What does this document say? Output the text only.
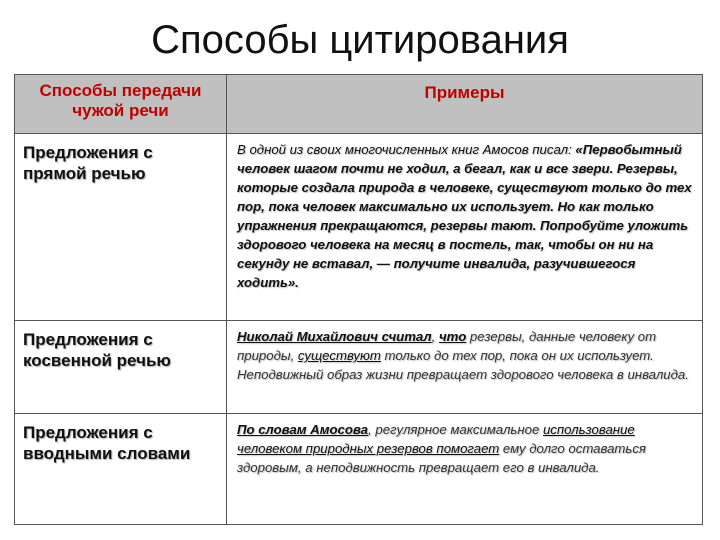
Способы цитирования
Способы передачи чужой речи	Примеры
Предложения с прямой речью	В одной из своих многочисленных книг Амосов писал: «Первобытный человек шагом почти не ходил, а бегал, как и все звери. Резервы, которые создала природа в человеке, существуют только до тех пор, пока человек максимально их использует. Но как только упражнения прекращаются, резервы тают. Попробуйте уложить здорового человека на месяц в постель, так, чтобы он ни на секунду не вставал, — получите инвалида, разучившегося ходить».
Предложения с косвенной речью	Николай Михайлович считал, что резервы, данные человеку от природы, существуют только до тех пор, пока он их использует. Неподвижный образ жизни превращает здорового человека в инвалида.
Предложения с вводными словами	По словам Амосова, регулярное максимальное использование человеком природных резервов помогает ему долго оставаться здоровым, а неподвижность превращает его в инвалида.
